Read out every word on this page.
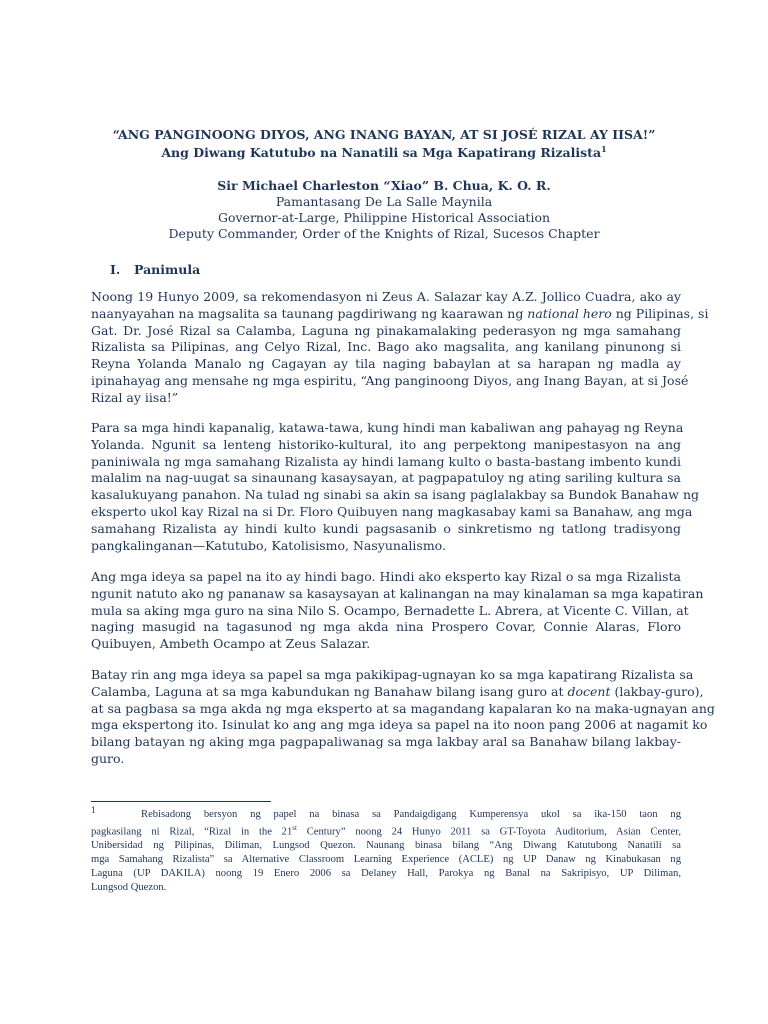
“ANG PANGINOONG DIYOS, ANG INANG BAYAN, AT SI JOSÉ RIZAL AY IISA!”
Ang Diwang Katutubo na Nanatili sa Mga Kapatirang Rizalista$^1$
Sir Michael Charleston “Xiao” B. Chua, K. O. R.
Pamantasang De La Salle Maynila
Governor-at-Large, Philippine Historical Association
Deputy Commander, Order of the Knights of Rizal, Sucesos Chapter
I. Panimula
Noong 19 Hunyo 2009, sa rekomendasyon ni Zeus A. Salazar kay A.Z. Jollico Cuadra, ako ay
naanyayahan na magsalita sa taunang pagdiriwang ng kaarawan ng national hero ng Pilipinas, si
Gat. Dr. José Rizal sa Calamba, Laguna ng pinakamalaking pederasyon ng mga samahang
Rizalista sa Pilipinas, ang Celyo Rizal, Inc. Bago ako magsalita, ang kanilang pinunong si
Reyna Yolanda Manalo ng Cagayan ay tila naging babaylan at sa harapan ng madla ay
ipinahayag ang mensahe ng mga espiritu, “Ang panginoong Diyos, ang Inang Bayan, at si José
Rizal ay iisa!”
Para sa mga hindi kapanalig, katawa-tawa, kung hindi man kabaliwan ang pahayag ng Reyna
Yolanda. Ngunit sa lenteng historiko-kultural, ito ang perpektong manipestasyon na ang
paniniwala ng mga samahang Rizalista ay hindi lamang kulto o basta-bastang imbento kundi
malalim na nag-uugat sa sinaunang kasaysayan, at pagpapatuloy ng ating sariling kultura sa
kasalukuyang panahon. Na tulad ng sinabi sa akin sa isang paglalakbay sa Bundok Banahaw ng
eksperto ukol kay Rizal na si Dr. Floro Quibuyen nang magkasabay kami sa Banahaw, ang mga
samahang Rizalista ay hindi kulto kundi pagsasanib o sinkretismo ng tatlong tradisyong
pangkalinganan—Katutubo, Katolisismo, Nasyunalismo.
Ang mga ideya sa papel na ito ay hindi bago. Hindi ako eksperto kay Rizal o sa mga Rizalista
ngunit natuto ako ng pananaw sa kasaysayan at kalinangan na may kinalaman sa mga kapatiran
mula sa aking mga guro na sina Nilo S. Ocampo, Bernadette L. Abrera, at Vicente C. Villan, at
naging masugid na tagasunod ng mga akda nina Prospero Covar, Connie Alaras, Floro
Quibuyen, Ambeth Ocampo at Zeus Salazar.
Batay rin ang mga ideya sa papel sa mga pakikipag-ugnayan ko sa mga kapatirang Rizalista sa
Calamba, Laguna at sa mga kabundukan ng Banahaw bilang isang guro at docent (lakbay-guro),
at sa pagbasa sa mga akda ng mga eksperto at sa magandang kapalaran ko na maka-ugnayan ang
mga ekspertong ito. Isinulat ko ang ang mga ideya sa papel na ito noon pang 2006 at nagamit ko
bilang batayan ng aking mga pagpapaliwanag sa mga lakbay aral sa Banahaw bilang lakbay-
guro.
1	Rebisadong bersyon ng papel na binasa sa Pandaigdigang Kumperensya ukol sa ika-150 taon ng
pagkasilang ni Rizal, “Rizal in the 21st Century” noong 24 Hunyo 2011 sa GT-Toyota Auditorium, Asian Center,
Unibersidad ng Pilipinas, Diliman, Lungsod Quezon. Naunang binasa bilang “Ang Diwang Katutubong Nanatili sa
mga Samahang Rizalista” sa Alternative Classroom Learning Experience (ACLE) ng UP Danaw ng Kinabukasan ng
Laguna (UP DAKILA) noong 19 Enero 2006 sa Delaney Hall, Parokya ng Banal na Sakripisyo, UP Diliman,
Lungsod Quezon.
